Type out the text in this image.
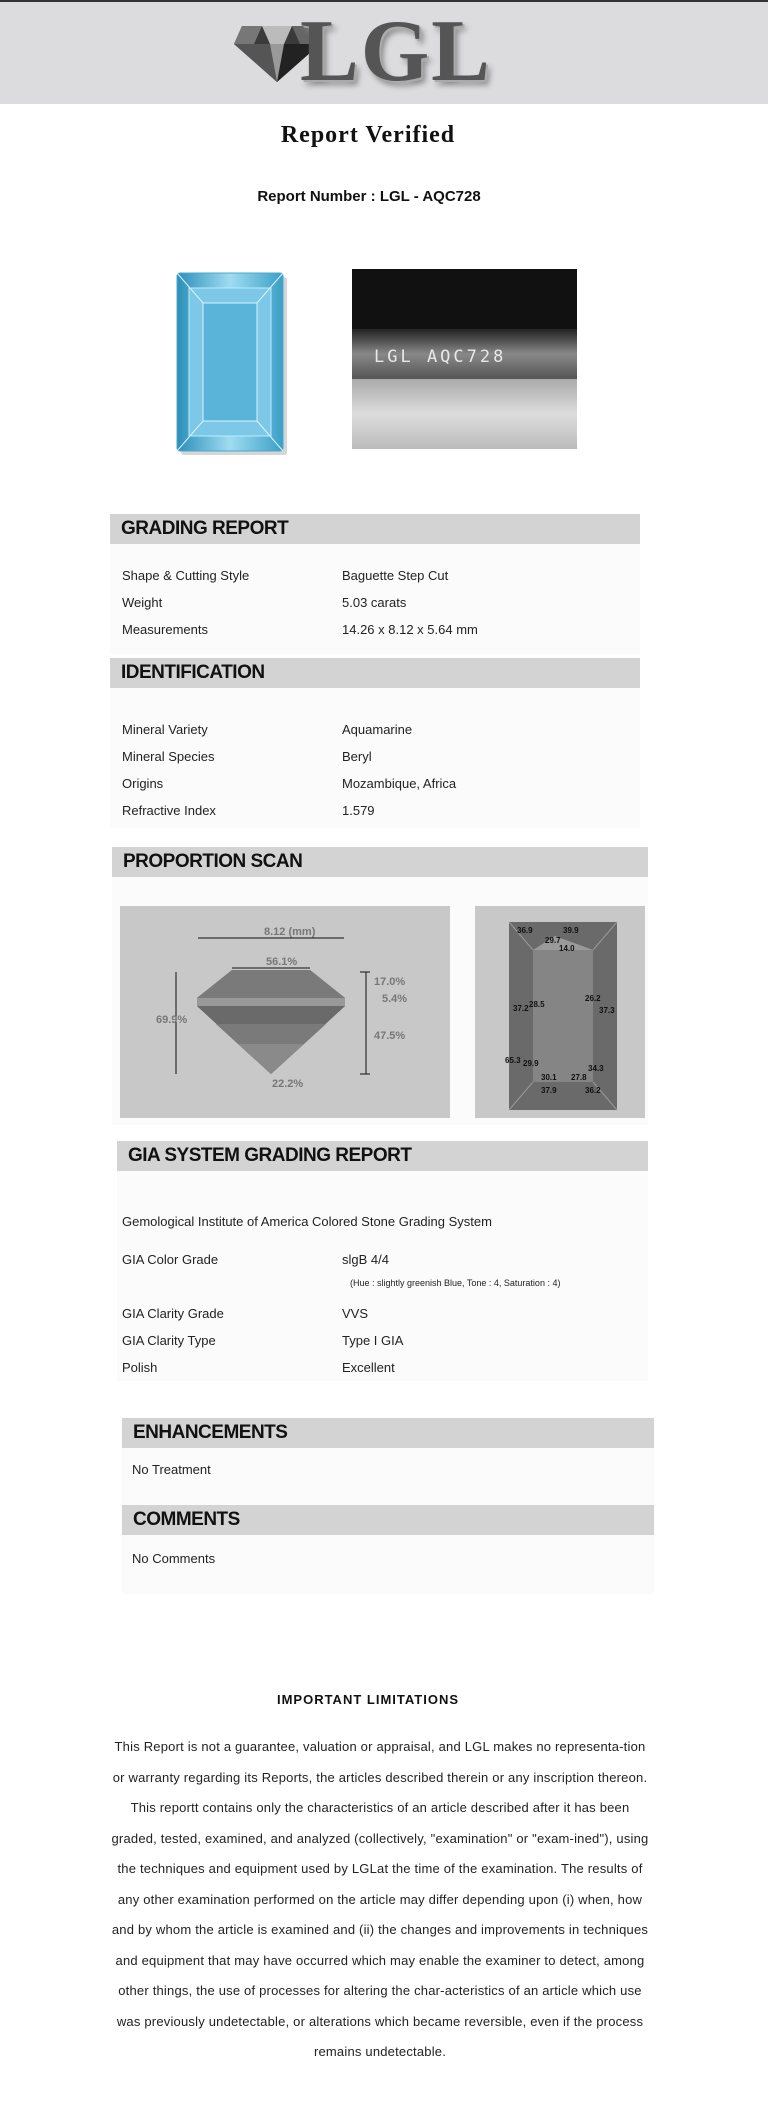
LGL
Report Verified
Report Number : LGL - AQC728
LGL AQC728
GRADING REPORT
Shape & Cutting Style	Baguette Step Cut
Weight	5.03 carats
Measurements	14.26 x 8.12 x 5.64 mm
IDENTIFICATION
Mineral Variety	Aquamarine
Mineral Species	Beryl
Origins	Mozambique, Africa
Refractive Index	1.579
PROPORTION SCAN
8.12 (mm)
56.1%
17.0%
5.4%
47.5%
69.9%
22.2%
36.9	39.9
29.7
14.0
37.2 28.5
26.2
37.3
65.3 29.9
34.3
30.1 27.8
37.9	36.2
GIA SYSTEM GRADING REPORT
Gemological Institute of America Colored Stone Grading System
GIA Color Grade	slgB 4/4
(Hue : slightly greenish Blue, Tone : 4, Saturation : 4)
GIA Clarity Grade	VVS
GIA Clarity Type	Type I GIA
Polish	Excellent
ENHANCEMENTS
No Treatment
COMMENTS
No Comments
IMPORTANT LIMITATIONS
This Report is not a guarantee, valuation or appraisal, and LGL makes no representa-tion or warranty regarding its Reports, the articles described therein or any inscription thereon. This reportt contains only the characteristics of an article described after it has been graded, tested, examined, and analyzed (collectively, "examination" or "exam-ined"), using the techniques and equipment used by LGLat the time of the examination. The results of any other examination performed on the article may differ depending upon (i) when, how and by whom the article is examined and (ii) the changes and improvements in techniques and equipment that may have occurred which may enable the examiner to detect, among other things, the use of processes for altering the char-acteristics of an article which use was previously undetectable, or alterations which became reversible, even if the process remains undetectable.
